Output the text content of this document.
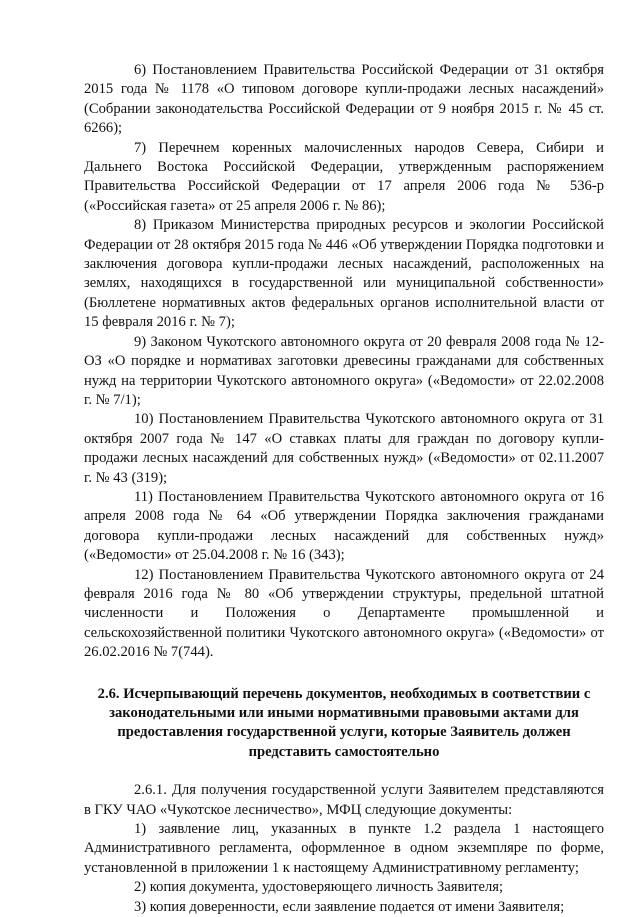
6) Постановлением Правительства Российской Федерации от 31 октября 2015 года № 1178 «О типовом договоре купли-продажи лесных насаждений» (Собрании законодательства Российской Федерации от 9 ноября 2015 г. № 45 ст. 6266);

7) Перечнем коренных малочисленных народов Севера, Сибири и Дальнего Востока Российской Федерации, утвержденным распоряжением Правительства Российской Федерации от 17 апреля 2006 года № 536-р («Российская газета» от 25 апреля 2006 г. № 86);

8) Приказом Министерства природных ресурсов и экологии Российской Федерации от 28 октября 2015 года № 446 «Об утверждении Порядка подготовки и заключения договора купли-продажи лесных насаждений, расположенных на землях, находящихся в государственной или муниципальной собственности» (Бюллетене нормативных актов федеральных органов исполнительной власти от 15 февраля 2016 г. № 7);

9) Законом Чукотского автономного округа от 20 февраля 2008 года № 12-ОЗ «О порядке и нормативах заготовки древесины гражданами для собственных нужд на территории Чукотского автономного округа» («Ведомости» от 22.02.2008 г. № 7/1);

10) Постановлением Правительства Чукотского автономного округа от 31 октября 2007 года № 147 «О ставках платы для граждан по договору купли-продажи лесных насаждений для собственных нужд» («Ведомости» от 02.11.2007 г. № 43 (319);

11) Постановлением Правительства Чукотского автономного округа от 16 апреля 2008 года № 64 «Об утверждении Порядка заключения гражданами договора купли-продажи лесных насаждений для собственных нужд» («Ведомости» от 25.04.2008 г. № 16 (343);

12) Постановлением Правительства Чукотского автономного округа от 24 февраля 2016 года № 80 «Об утверждении структуры, предельной штатной численности и Положения о Департаменте промышленной и сельскохозяйственной политики Чукотского автономного округа» («Ведомости» от 26.02.2016 № 7(744).

2.6. Исчерпывающий перечень документов, необходимых в соответствии с законодательными или иными нормативными правовыми актами для предоставления государственной услуги, которые Заявитель должен представить самостоятельно

2.6.1. Для получения государственной услуги Заявителем представляются в ГКУ ЧАО «Чукотское лесничество», МФЦ следующие документы:

1) заявление лиц, указанных в пункте 1.2 раздела 1 настоящего Административного регламента, оформленное в одном экземпляре по форме, установленной в приложении 1 к настоящему Административному регламенту;

2) копия документа, удостоверяющего личность Заявителя;

3) копия доверенности, если заявление подается от имени Заявителя;
